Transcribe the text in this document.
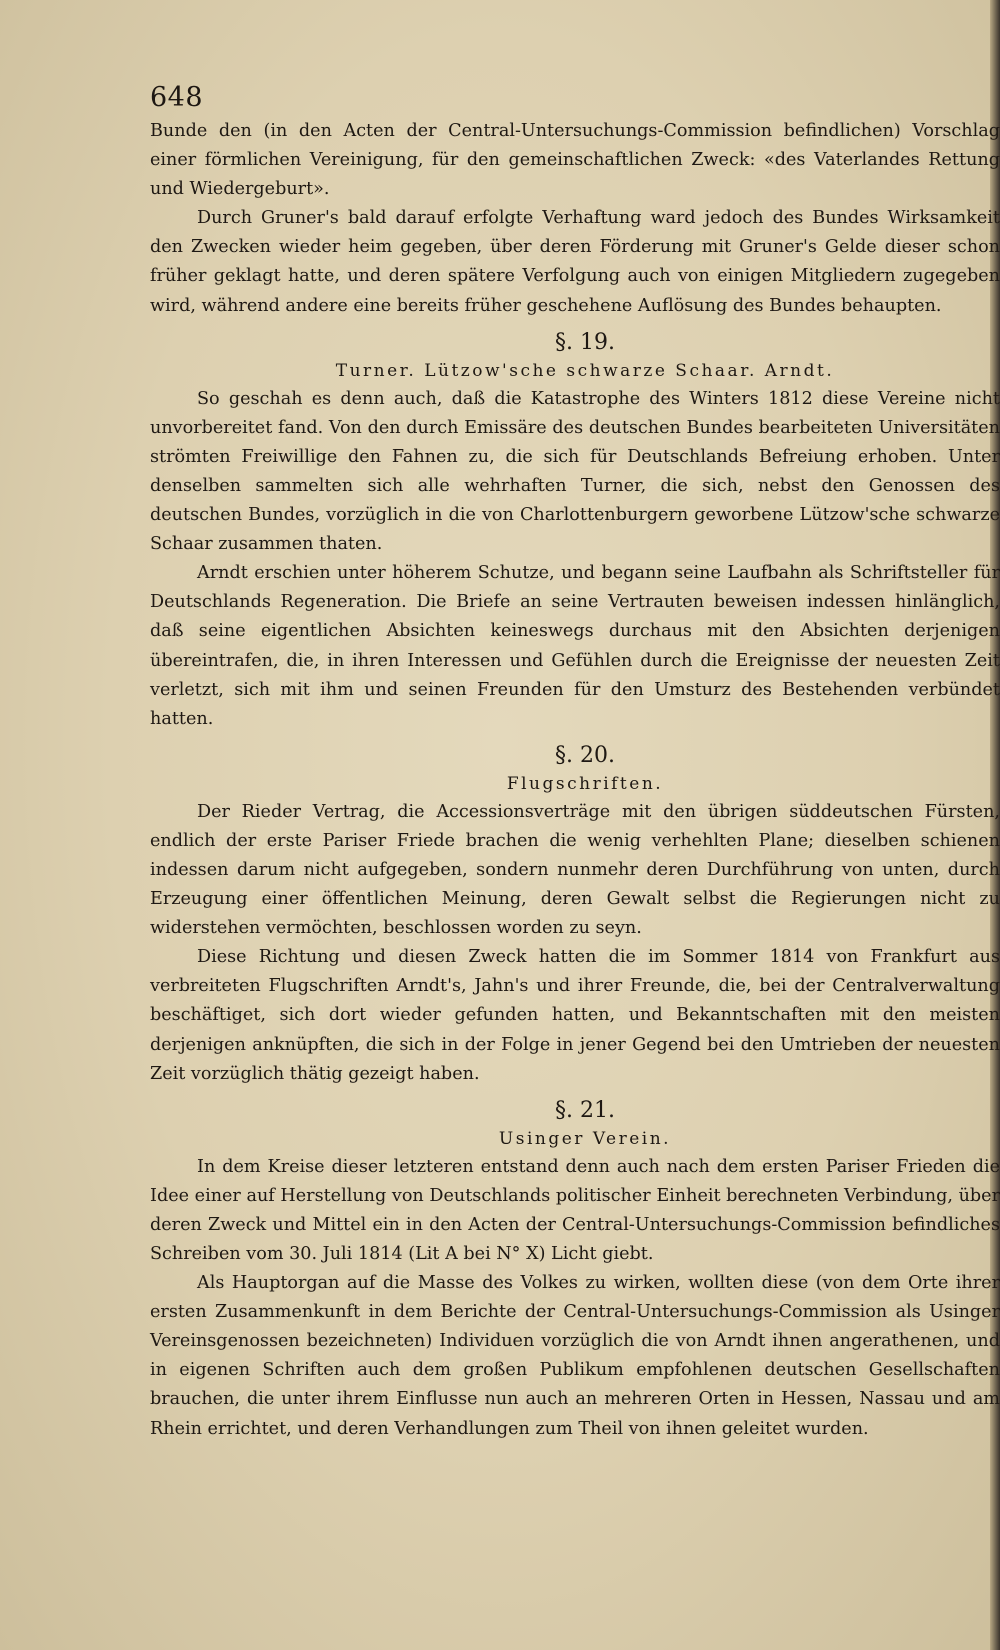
648

Bunde den (in den Acten der Central-Untersuchungs-Commission befindlichen) Vorschlag einer förmlichen Vereinigung, für den gemeinschaftlichen Zweck: «des Vaterlandes Rettung und Wiedergeburt».

Durch Gruner's bald darauf erfolgte Verhaftung ward jedoch des Bundes Wirksamkeit den Zwecken wieder heim gegeben, über deren Förderung mit Gruner's Gelde dieser schon früher geklagt hatte, und deren spätere Verfolgung auch von einigen Mitgliedern zugegeben wird, während andere eine bereits früher geschehene Auflösung des Bundes behaupten.

§. 19.
Turner. Lützow'sche schwarze Schaar. Arndt.

So geschah es denn auch, daß die Katastrophe des Winters 1812 diese Vereine nicht unvorbereitet fand. Von den durch Emissäre des deutschen Bundes bearbeiteten Universitäten strömten Freiwillige den Fahnen zu, die sich für Deutschlands Befreiung erhoben. Unter denselben sammelten sich alle wehrhaften Turner, die sich, nebst den Genossen des deutschen Bundes, vorzüglich in die von Charlottenburgern geworbene Lützow'sche schwarze Schaar zusammen thaten.

Arndt erschien unter höherem Schutze, und begann seine Laufbahn als Schriftsteller für Deutschlands Regeneration. Die Briefe an seine Vertrauten beweisen indessen hinlänglich, daß seine eigentlichen Absichten keineswegs durchaus mit den Absichten derjenigen übereintrafen, die, in ihren Interessen und Gefühlen durch die Ereignisse der neuesten Zeit verletzt, sich mit ihm und seinen Freunden für den Umsturz des Bestehenden verbündet hatten.

§. 20.
Flugschriften.

Der Rieder Vertrag, die Accessionsverträge mit den übrigen süddeutschen Fürsten, endlich der erste Pariser Friede brachen die wenig verhehlten Plane; dieselben schienen indessen darum nicht aufgegeben, sondern nunmehr deren Durchführung von unten, durch Erzeugung einer öffentlichen Meinung, deren Gewalt selbst die Regierungen nicht zu widerstehen vermöchten, beschlossen worden zu seyn.

Diese Richtung und diesen Zweck hatten die im Sommer 1814 von Frankfurt aus verbreiteten Flugschriften Arndt's, Jahn's und ihrer Freunde, die, bei der Centralverwaltung beschäftiget, sich dort wieder gefunden hatten, und Bekanntschaften mit den meisten derjenigen anknüpften, die sich in der Folge in jener Gegend bei den Umtrieben der neuesten Zeit vorzüglich thätig gezeigt haben.

§. 21.
Usinger Verein.

In dem Kreise dieser letzteren entstand denn auch nach dem ersten Pariser Frieden die Idee einer auf Herstellung von Deutschlands politischer Einheit berechneten Verbindung, über deren Zweck und Mittel ein in den Acten der Central-Untersuchungs-Commission befindliches Schreiben vom 30. Juli 1814 (Lit A bei N° X) Licht giebt.

Als Hauptorgan auf die Masse des Volkes zu wirken, wollten diese (von dem Orte ihrer ersten Zusammenkunft in dem Berichte der Central-Untersuchungs-Commission als Usinger Vereinsgenossen bezeichneten) Individuen vorzüglich die von Arndt ihnen angerathenen, und in eigenen Schriften auch dem großen Publikum empfohlenen deutschen Gesellschaften brauchen, die unter ihrem Einflusse nun auch an mehreren Orten in Hessen, Nassau und am Rhein errichtet, und deren Verhandlungen zum Theil von ihnen geleitet wurden.
